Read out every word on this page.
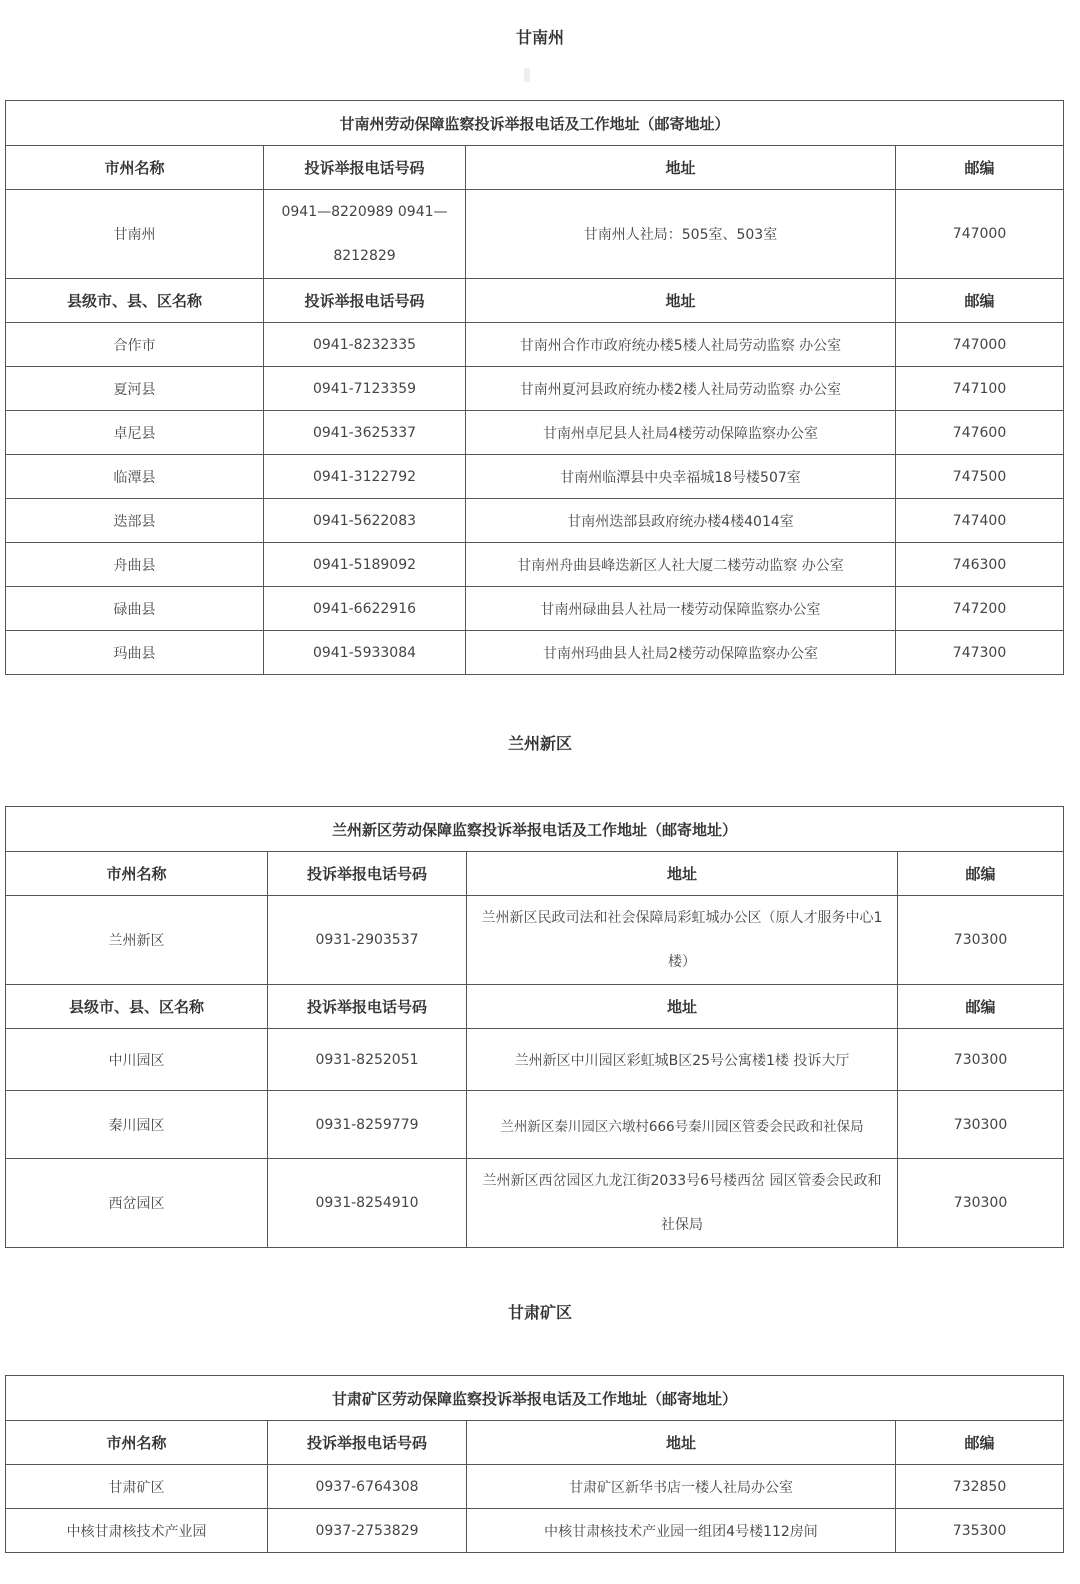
甘南州
甘南州劳动保障监察投诉举报电话及工作地址（邮寄地址）			
市州名称	投诉举报电话号码	地址	邮编
甘南州	0941—8220989 0941—8212829	甘南州人社局：505室、503室	747000
县级市、县、区名称	投诉举报电话号码	地址	邮编
合作市	0941-8232335	甘南州合作市政府统办楼5楼人社局劳动监察 办公室	747000
夏河县	0941-7123359	甘南州夏河县政府统办楼2楼人社局劳动监察 办公室	747100
卓尼县	0941-3625337	甘南州卓尼县人社局4楼劳动保障监察办公室	747600
临潭县	0941-3122792	甘南州临潭县中央幸福城18号楼507室	747500
迭部县	0941-5622083	甘南州迭部县政府统办楼4楼4014室	747400
舟曲县	0941-5189092	甘南州舟曲县峰迭新区人社大厦二楼劳动监察 办公室	746300
碌曲县	0941-6622916	甘南州碌曲县人社局一楼劳动保障监察办公室	747200
玛曲县	0941-5933084	甘南州玛曲县人社局2楼劳动保障监察办公室	747300
兰州新区
兰州新区劳动保障监察投诉举报电话及工作地址（邮寄地址）			
市州名称	投诉举报电话号码	地址	邮编
兰州新区	0931-2903537	兰州新区民政司法和社会保障局彩虹城办公区（原人才服务中心1楼）	730300
县级市、县、区名称	投诉举报电话号码	地址	邮编
中川园区	0931-8252051	兰州新区中川园区彩虹城B区25号公寓楼1楼 投诉大厅	730300
秦川园区	0931-8259779	兰州新区秦川园区六墩村666号秦川园区管委会民政和社保局	730300
西岔园区	0931-8254910	兰州新区西岔园区九龙江街2033号6号楼西岔 园区管委会民政和社保局	730300
甘肃矿区
甘肃矿区劳动保障监察投诉举报电话及工作地址（邮寄地址）			
市州名称	投诉举报电话号码	地址	邮编
甘肃矿区	0937-6764308	甘肃矿区新华书店一楼人社局办公室	732850
中核甘肃核技术产业园	0937-2753829	中核甘肃核技术产业园一组团4号楼112房间	735300
